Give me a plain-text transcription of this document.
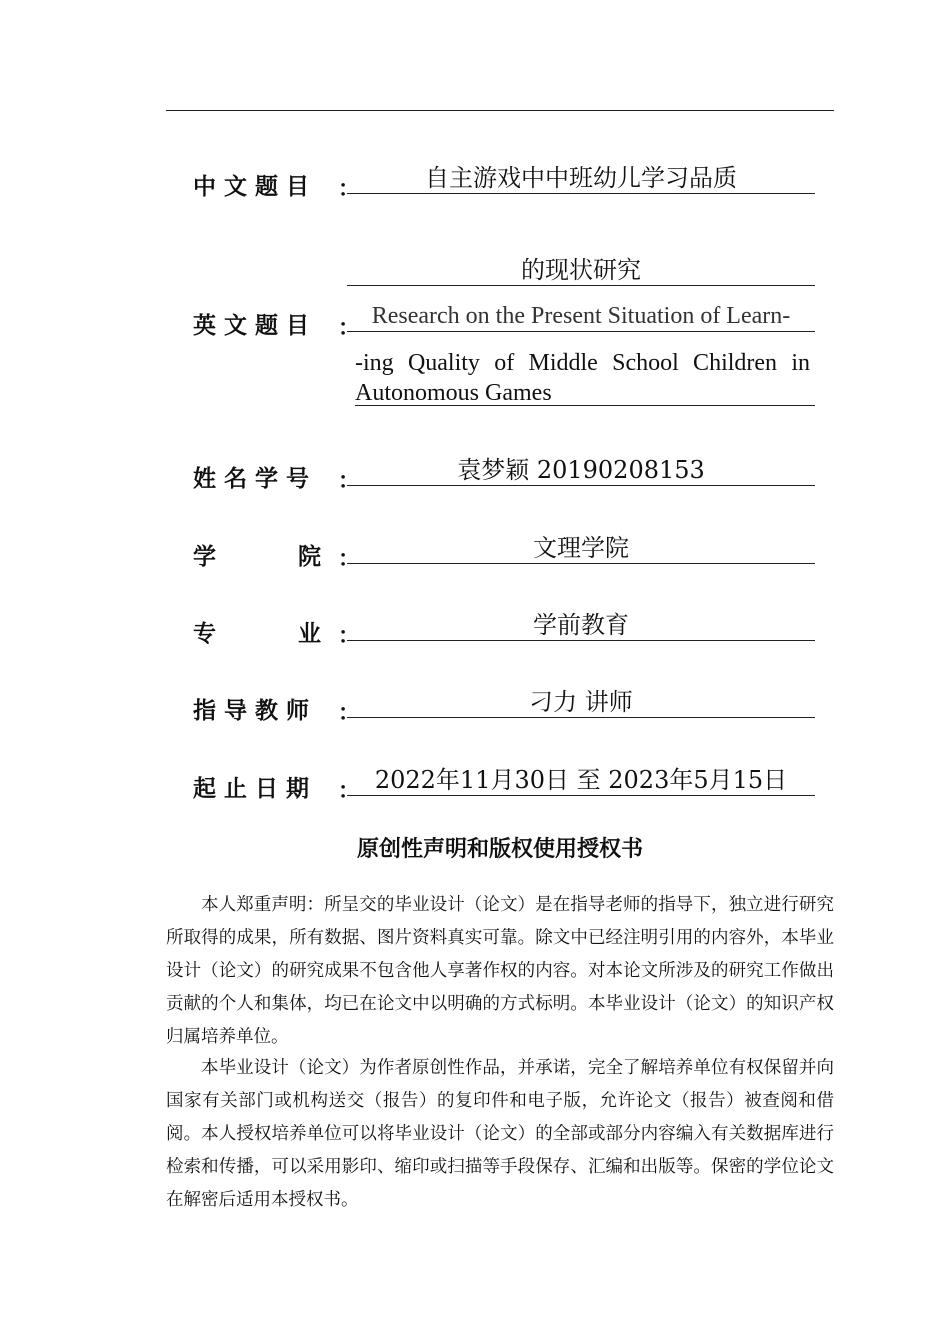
中 文 题 目 ：	自主游戏中中班幼儿学习品质
的现状研究
英 文 题 目 ： Research on the Present Situation of Learn-
-ing Quality of Middle School Children in Autonomous Games
姓 名 学 号 ：	袁梦颖 20190208153
学	院 ：	文理学院
专	业 ：	学前教育
指 导 教 师 ：	刁力 讲师
起 止 日 期 ： 2022年11月30日 至 2023年5月15日
原创性声明和版权使用授权书
本人郑重声明：所呈交的毕业设计（论文）是在指导老师的指导下，独立进行研究所取得的成果，所有数据、图片资料真实可靠。除文中已经注明引用的内容外，本毕业设计（论文）的研究成果不包含他人享著作权的内容。对本论文所涉及的研究工作做出贡献的个人和集体，均已在论文中以明确的方式标明。本毕业设计（论文）的知识产权归属培养单位。
本毕业设计（论文）为作者原创性作品，并承诺，完全了解培养单位有权保留并向国家有关部门或机构送交（报告）的复印件和电子版，允许论文（报告）被查阅和借阅。本人授权培养单位可以将毕业设计（论文）的全部或部分内容编入有关数据库进行检索和传播，可以采用影印、缩印或扫描等手段保存、汇编和出版等。保密的学位论文在解密后适用本授权书。
